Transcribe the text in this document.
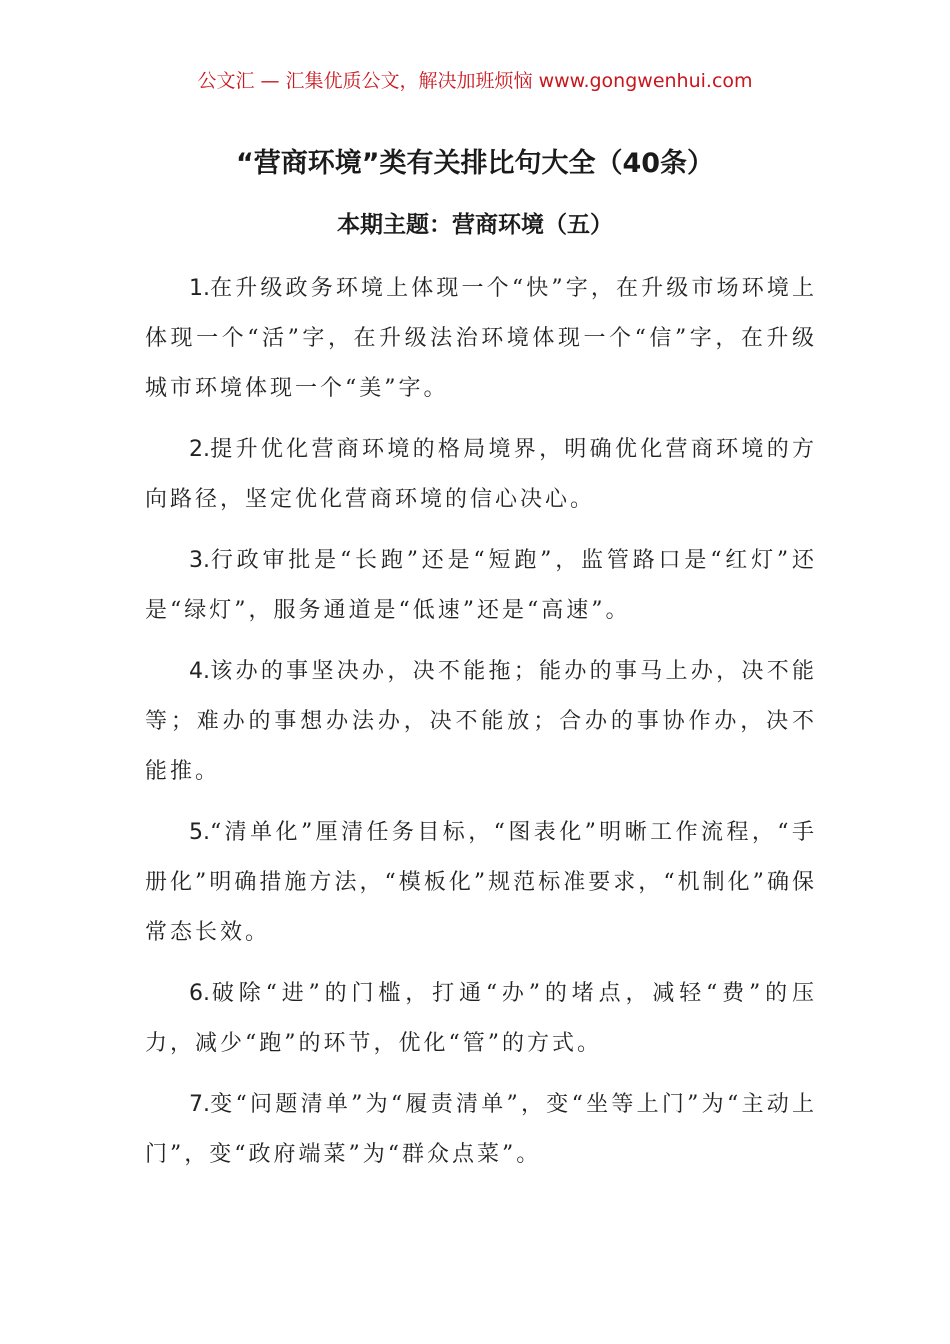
公文汇 — 汇集优质公文，解决加班烦恼 www.gongwenhui.com
“营商环境”类有关排比句大全（40条）
本期主题：营商环境（五）

1.在升级政务环境上体现一个“快”字，在升级市场环境上体现一个“活”字，在升级法治环境体现一个“信”字，在升级城市环境体现一个“美”字。

2.提升优化营商环境的格局境界，明确优化营商环境的方向路径，坚定优化营商环境的信心决心。

3.行政审批是“长跑”还是“短跑”，监管路口是“红灯”还是“绿灯”，服务通道是“低速”还是“高速”。

4.该办的事坚决办，决不能拖；能办的事马上办，决不能等；难办的事想办法办，决不能放；合办的事协作办，决不能推。

5.“清单化”厘清任务目标，“图表化”明晰工作流程，“手册化”明确措施方法，“模板化”规范标准要求，“机制化”确保常态长效。

6.破除“进”的门槛，打通“办”的堵点，减轻“费”的压力，减少“跑”的环节，优化“管”的方式。

7.变“问题清单”为“履责清单”，变“坐等上门”为“主动上门”，变“政府端菜”为“群众点菜”。
